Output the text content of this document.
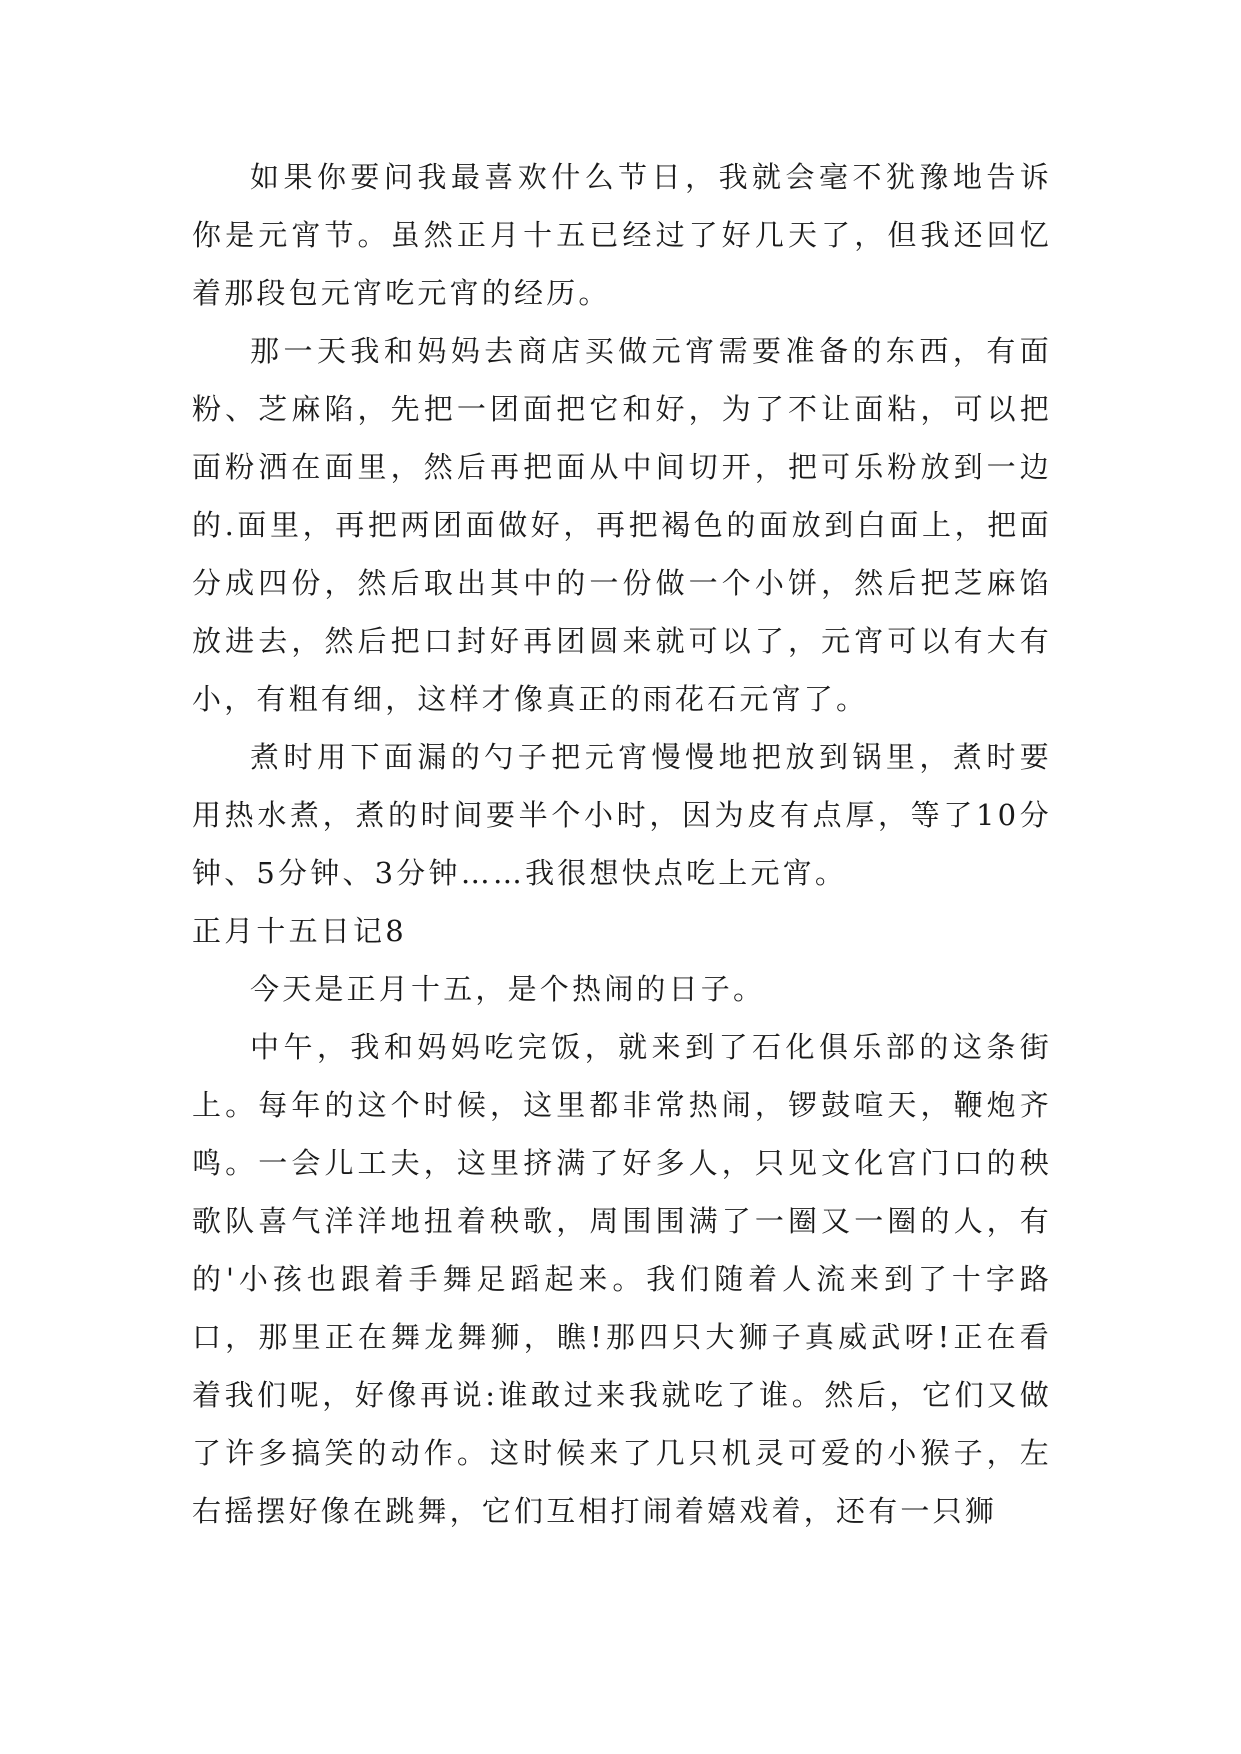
如果你要问我最喜欢什么节日，我就会毫不犹豫地告诉你是元宵节。虽然正月十五已经过了好几天了，但我还回忆着那段包元宵吃元宵的经历。

那一天我和妈妈去商店买做元宵需要准备的东西，有面粉、芝麻陷，先把一团面把它和好，为了不让面粘，可以把面粉洒在面里，然后再把面从中间切开，把可乐粉放到一边的.面里，再把两团面做好，再把褐色的面放到白面上，把面分成四份，然后取出其中的一份做一个小饼，然后把芝麻馅放进去，然后把口封好再团圆来就可以了，元宵可以有大有小，有粗有细，这样才像真正的雨花石元宵了。

煮时用下面漏的勺子把元宵慢慢地把放到锅里，煮时要用热水煮，煮的时间要半个小时，因为皮有点厚，等了10分钟、5分钟、3分钟……我很想快点吃上元宵。

正月十五日记8

今天是正月十五，是个热闹的日子。

中午，我和妈妈吃完饭，就来到了石化俱乐部的这条街上。每年的这个时候，这里都非常热闹，锣鼓喧天，鞭炮齐鸣。一会儿工夫，这里挤满了好多人，只见文化宫门口的秧歌队喜气洋洋地扭着秧歌，周围围满了一圈又一圈的人，有的'小孩也跟着手舞足蹈起来。我们随着人流来到了十字路口，那里正在舞龙舞狮，瞧!那四只大狮子真威武呀!正在看着我们呢，好像再说:谁敢过来我就吃了谁。然后，它们又做了许多搞笑的动作。这时候来了几只机灵可爱的小猴子，左右摇摆好像在跳舞，它们互相打闹着嬉戏着，还有一只狮
